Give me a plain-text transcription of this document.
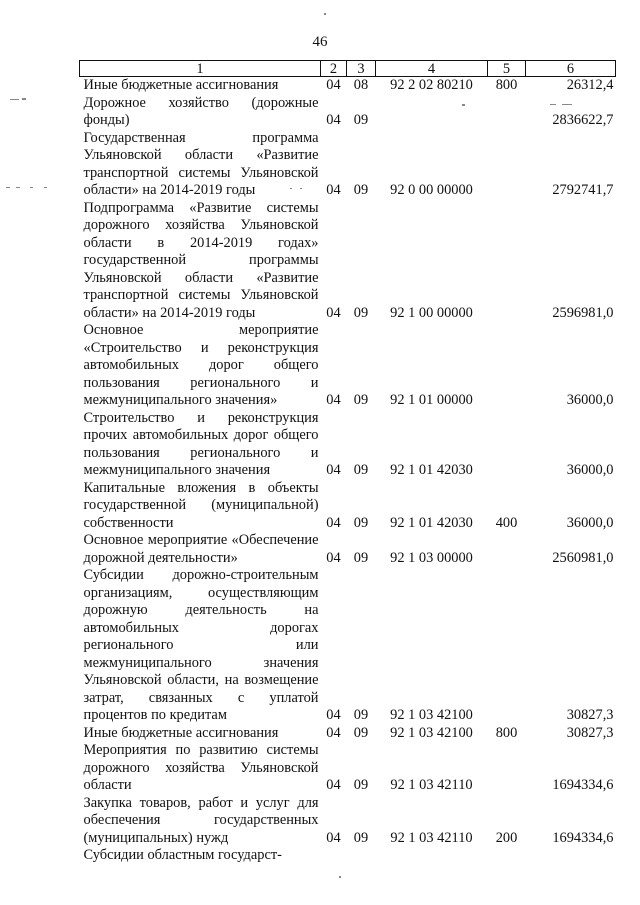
46
1	2	3	4	5	6
Иные бюджетные ассигнования	04	08	92 2 02 80210	800	26312,4
Дорожное хозяйство (дорожные фонды)	04	09			2836622,7
Государственная программа Ульяновской области «Развитие транспортной системы Ульяновской области» на 2014-2019 годы	04	09	92 0 00 00000		2792741,7
Подпрограмма «Развитие системы дорожного хозяйства Ульяновской области в 2014-2019 годах» государственной программы Ульяновской области «Развитие транспортной системы Ульяновской области» на 2014-2019 годы	04	09	92 1 00 00000		2596981,0
Основное мероприятие «Строительство и реконструкция автомобильных дорог общего пользования регионального и межмуниципального значения»	04	09	92 1 01 00000		36000,0
Строительство и реконструкция прочих автомобильных дорог общего пользования регионального и межмуниципального значения	04	09	92 1 01 42030		36000,0
Капитальные вложения в объекты государственной (муниципальной) собственности	04	09	92 1 01 42030	400	36000,0
Основное мероприятие «Обеспечение дорожной деятельности»	04	09	92 1 03 00000		2560981,0
Субсидии дорожно-строительным организациям, осуществляющим дорожную деятельность на автомобильных дорогах регионального или межмуниципального значения Ульяновской области, на возмещение затрат, связанных с уплатой процентов по кредитам	04	09	92 1 03 42100		30827,3
Иные бюджетные ассигнования	04	09	92 1 03 42100	800	30827,3
Мероприятия по развитию системы дорожного хозяйства Ульяновской области	04	09	92 1 03 42110		1694334,6
Закупка товаров, работ и услуг для обеспечения государственных (муниципальных) нужд	04	09	92 1 03 42110	200	1694334,6
Субсидии областным государст-					
